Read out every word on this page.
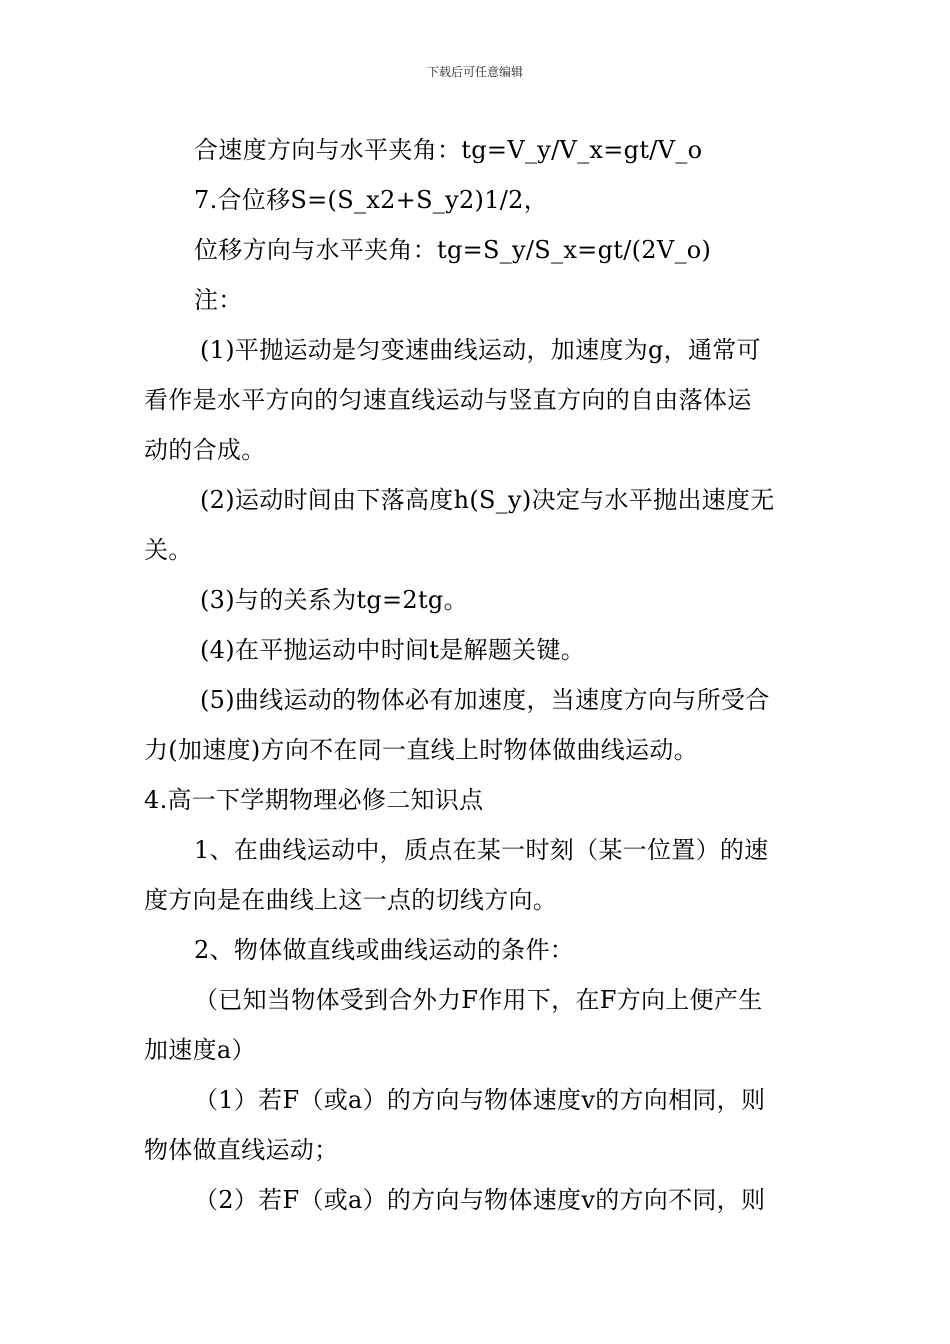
下载后可任意编辑
合速度方向与水平夹角：tg=V_y/V_x=gt/V_o
7.合位移S=(S_x2+S_y2)1/2，
位移方向与水平夹角：tg=S_y/S_x=gt/(2V_o)
注：
(1)平抛运动是匀变速曲线运动，加速度为g，通常可
看作是水平方向的匀速直线运动与竖直方向的自由落体运
动的合成。
(2)运动时间由下落高度h(S_y)决定与水平抛出速度无
关。
(3)与的关系为tg=2tg。
(4)在平抛运动中时间t是解题关键。
(5)曲线运动的物体必有加速度，当速度方向与所受合
力(加速度)方向不在同一直线上时物体做曲线运动。
4.高一下学期物理必修二知识点
1、在曲线运动中，质点在某一时刻（某一位置）的速
度方向是在曲线上这一点的切线方向。
2、物体做直线或曲线运动的条件：
（已知当物体受到合外力F作用下，在F方向上便产生
加速度a）
（1）若F（或a）的方向与物体速度v的方向相同，则
物体做直线运动；
（2）若F（或a）的方向与物体速度v的方向不同，则
